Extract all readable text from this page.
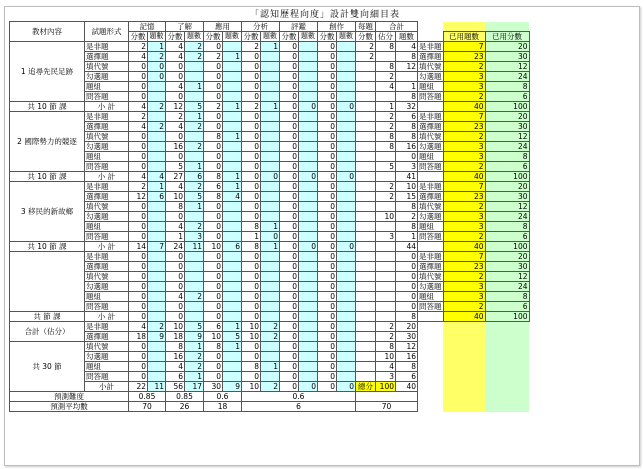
「認知歷程向度」設計雙向細目表
教材內容	試題形式	記憶		了解		應用		分析		評鑑		創作		每題	合計				
		分數	題數	分數	題數	分數	題數	分數	題數	分數	題數	分數	題數	分數	佔分	題數		已用題數	已用分數
1 追尋先民足跡	是非題	2	1	4	2	0		2	1	0		0		2	8	4	是非題	7	20
	選擇題	4	2	4	2	2	1	0		0		0		2		8	選擇題	23	30
	填代號	0	0	0		0		0		0		0			8	12	填代號	2	12
	勾選題	0	0	0		0		0		0		0			2		勾選題	3	24
	題組	0		4	1	0		0		0		0			4	1	題組	3	8
	問答題	0		0		0		0		0		0				8	問答題	2	6
共 10 節 課	小 計	4	2	12	5	2	1	2	1	0	0	0	0		1	32		40	100
2 國際勢力的競逐	是非題	2		2	1	0		0		0		0			2	6	是非題	7	20
	選擇題	4	2	4	2	0		0		0		0			2	8	選擇題	23	30
	填代號	0		0		8	1	0		0		0			8	8	填代號	2	12
	勾選題	0		16	2	0		0		0		0			8	16	勾選題	3	24
	題組	0		0		0		0		0		0				0	題組	3	8
	問答題	0		5	1	0		0		0		0			5	3	問答題	2	6
共 10 節 課	小 計	4	4	27	6	8	1	0	0	0	0	0	0			41		40	100
3 移民的新故鄉	是非題	2	1	4	2	6	1	0		0		0			2	10	是非題	7	20
	選擇題	12	6	10	5	8	4	0		0		0			2	15	選擇題	23	30
	填代號	0		8	1	0		0		0		0				8	填代號	2	12
	勾選題	0		0		0		0		0		0			10	2	勾選題	3	24
	題組	0		4	2	0		8	1	0		0				8	題組	3	8
	問答題	0		1	3	0		1	0	0		0			3	1	問答題	2	6
共 10 節 課	小 計	14	7	24	11	10	6	8	1	0	0	0	0			44		40	100
	是非題	0		0		0		0		0		0				0	是非題	7	20
	選擇題	0		0		0		0		0		0				0	選擇題	23	30
	填代號	0		0		0		0		0		0				0	填代號	2	12
	勾選題	0		0		0		0		0		0				0	勾選題	3	24
	題組	0		4	2	0		0		0		0				0	題組	3	8
	問答題	0		0		0		0		0		0				0	問答題	2	6
共 節 課	小 計	0		0		0		0		0		0				8		40	100
合計（佔分）	是非題	4	2	10	5	6	1	10	2	0		0			2	20			
	選擇題	18	9	18	9	10	5	10	2	0		0			2	30			
共 30 節	填代號	0		8	1	8	1	0		0		0			8	12			
	勾選題	0		16	2	0		0		0		0			10	16			
	題組	0		4	2	0		8	1	0		0			4	8			
	問答題	0		6	1	0		0		0		0			3	6			
	小計	22	11	56	17	30	9	10	2	0	0	0	0	總分	100	40			
預測難度		0.85		0.85		0.6		0.6											
預測平均數		70		26		18		6						70					
